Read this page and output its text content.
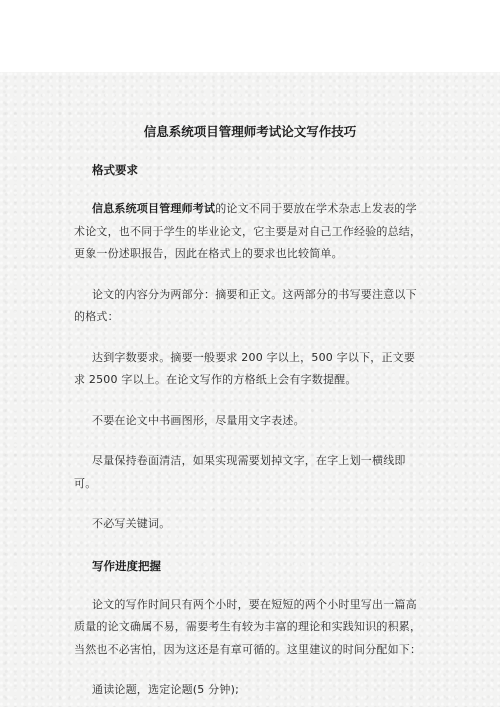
信息系统项目管理师考试论文写作技巧
格式要求

信息系统项目管理师考试的论文不同于要放在学术杂志上发表的学术论文，也不同于学生的毕业论文，它主要是对自己工作经验的总结，更象一份述职报告，因此在格式上的要求也比较简单。

论文的内容分为两部分：摘要和正文。这两部分的书写要注意以下的格式：

达到字数要求。摘要一般要求 200 字以上，500 字以下，正文要求 2500 字以上。在论文写作的方格纸上会有字数提醒。

不要在论文中书画图形，尽量用文字表述。

尽量保持卷面清洁，如果实现需要划掉文字，在字上划一横线即可。

不必写关键词。

写作进度把握

论文的写作时间只有两个小时，要在短短的两个小时里写出一篇高质量的论文确属不易，需要考生有较为丰富的理论和实践知识的积累，当然也不必害怕，因为这还是有章可循的。这里建议的时间分配如下：

通读论题，选定论题(5 分钟);
